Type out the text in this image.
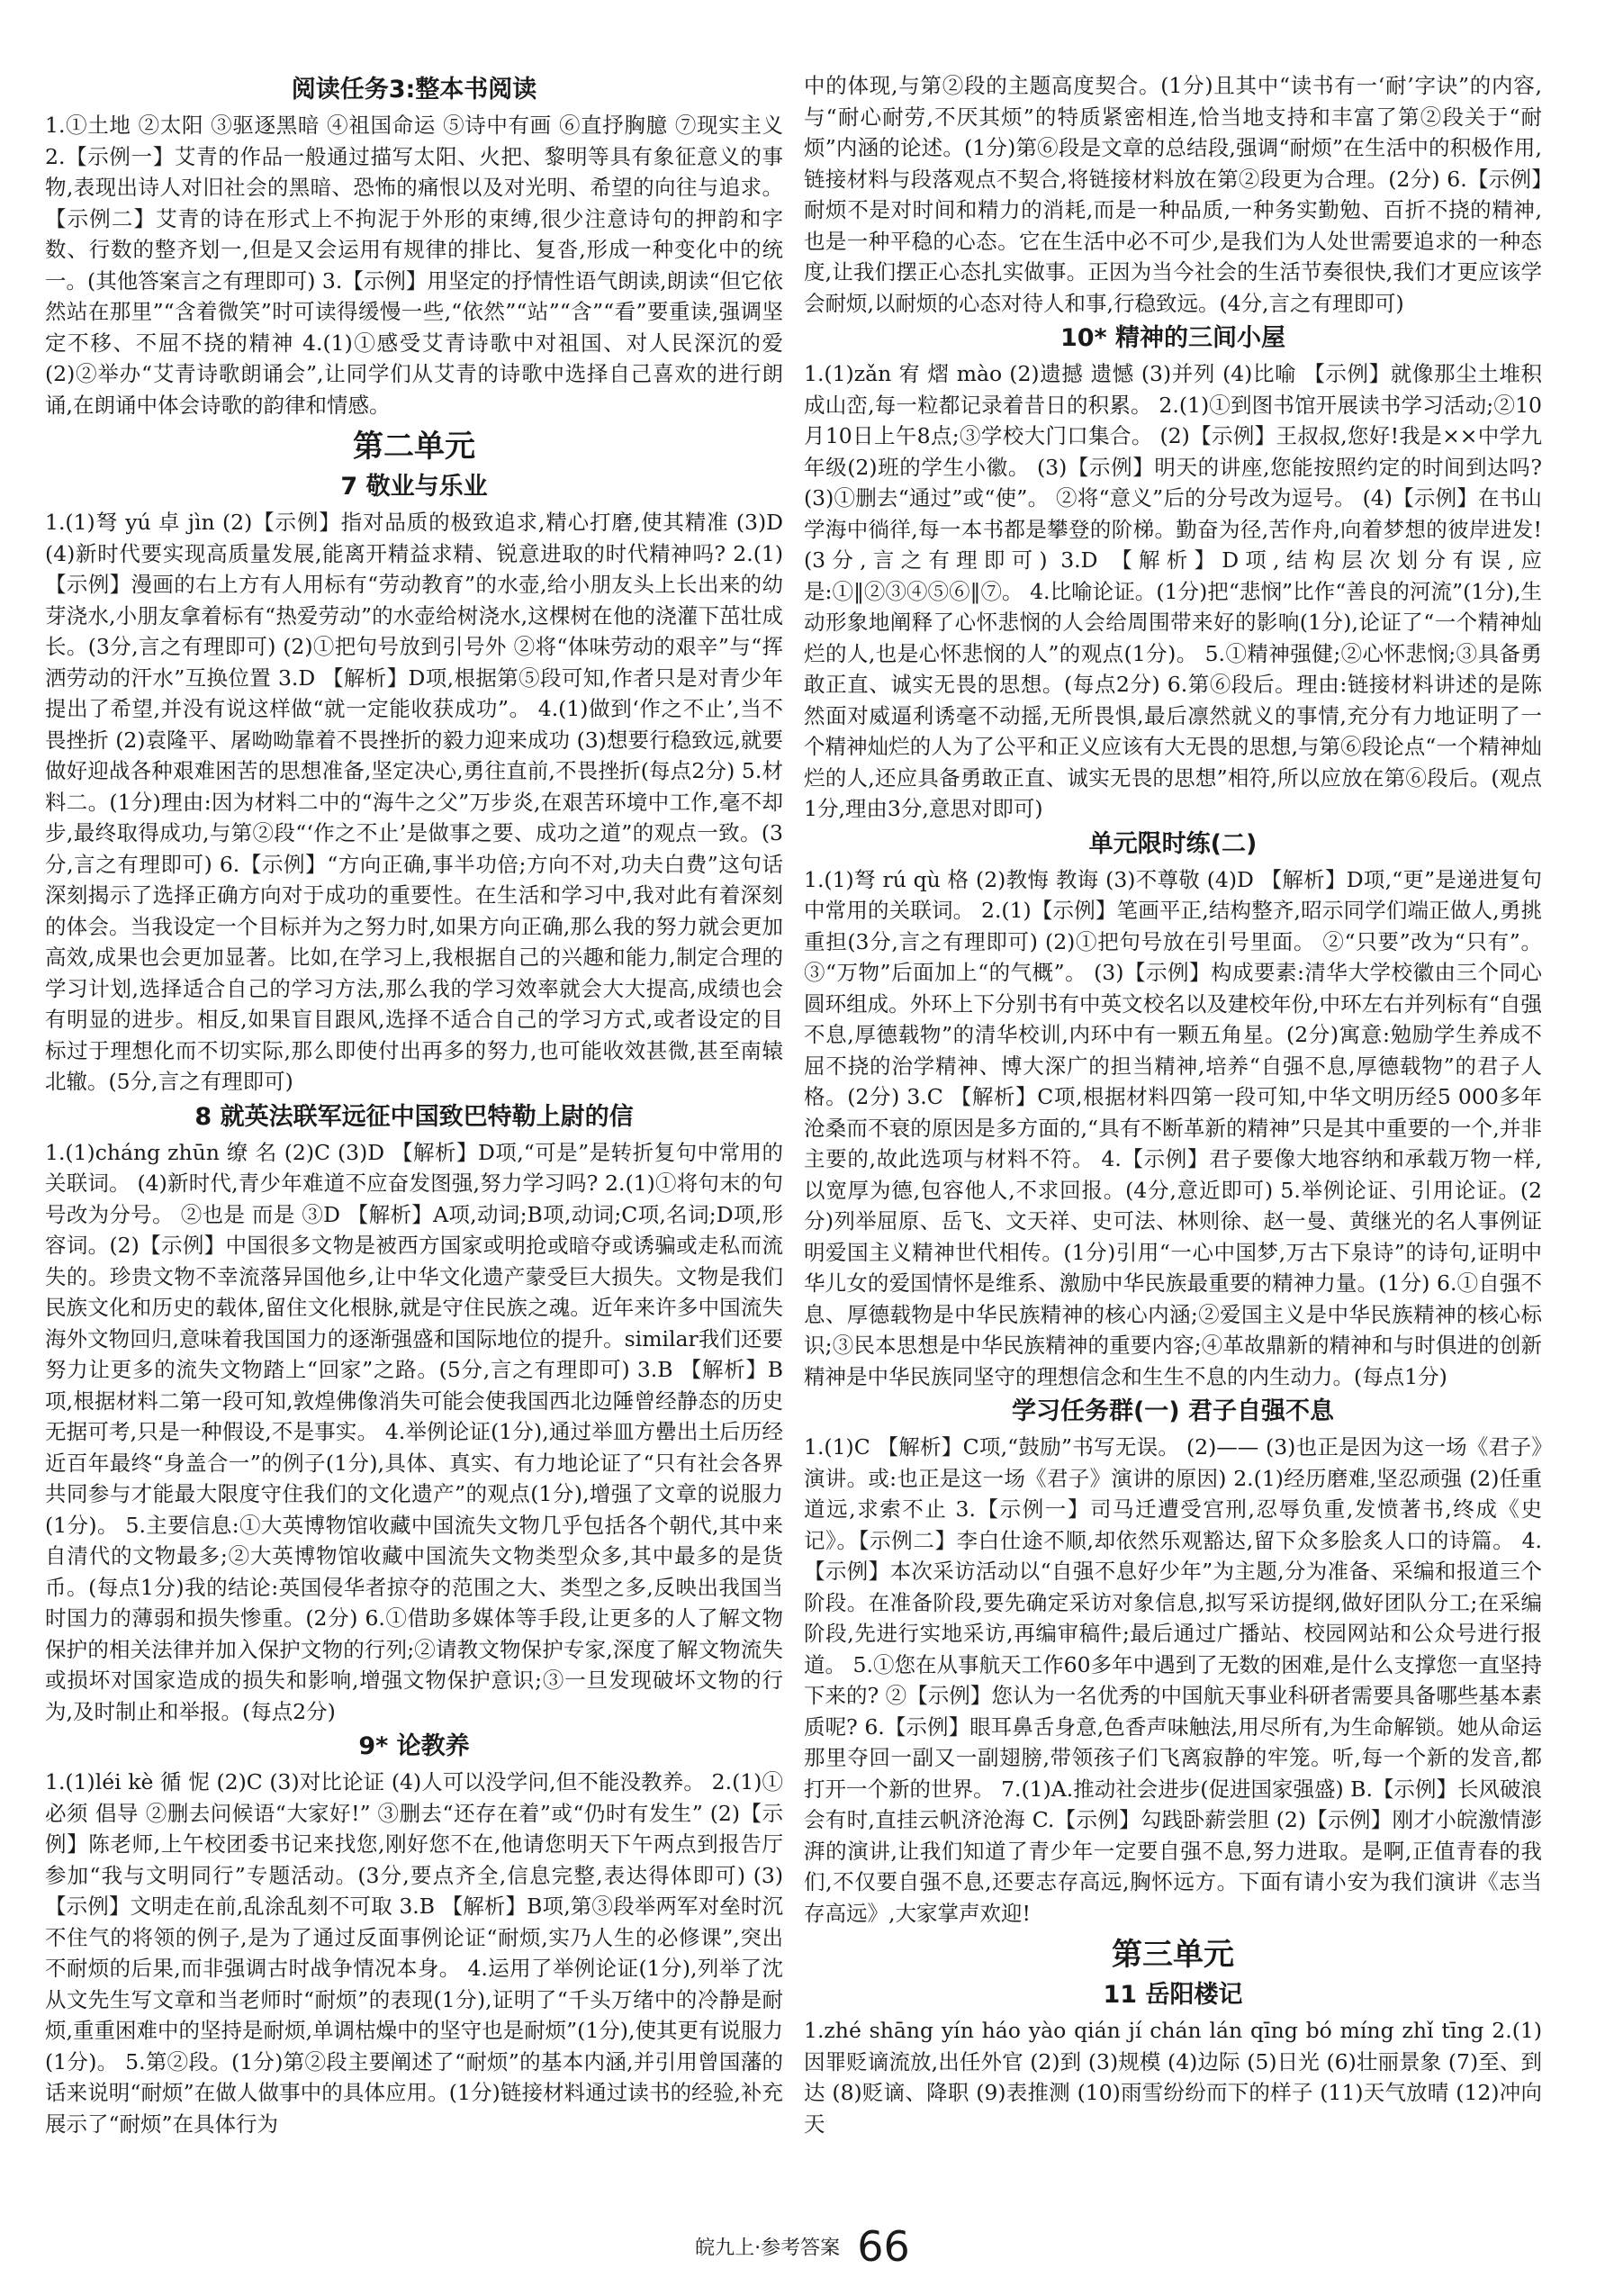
阅读任务3:整本书阅读

1.①土地 ②太阳 ③驱逐黑暗 ④祖国命运 ⑤诗中有画 ⑥直抒胸臆 ⑦现实主义 2.【示例一】艾青的作品一般通过描写太阳、火把、黎明等具有象征意义的事物,表现出诗人对旧社会的黑暗、恐怖的痛恨以及对光明、希望的向往与追求。【示例二】艾青的诗在形式上不拘泥于外形的束缚,很少注意诗句的押韵和字数、行数的整齐划一,但是又会运用有规律的排比、复沓,形成一种变化中的统一。(其他答案言之有理即可) 3.【示例】用坚定的抒情性语气朗读,朗读“但它依然站在那里”“含着微笑”时可读得缓慢一些,“依然”“站”“含”“看”要重读,强调坚定不移、不屈不挠的精神 4.(1)①感受艾青诗歌中对祖国、对人民深沉的爱 (2)②举办“艾青诗歌朗诵会”,让同学们从艾青的诗歌中选择自己喜欢的进行朗诵,在朗诵中体会诗歌的韵律和情感。

第二单元
7 敬业与乐业

1.(1)弩 yú 卓 jìn (2)【示例】指对品质的极致追求,精心打磨,使其精准 (3)D (4)新时代要实现高质量发展,能离开精益求精、锐意进取的时代精神吗? 2.(1)【示例】漫画的右上方有人用标有“劳动教育”的水壶,给小朋友头上长出来的幼芽浇水,小朋友拿着标有“热爱劳动”的水壶给树浇水,这棵树在他的浇灌下茁壮成长。(3分,言之有理即可) (2)①把句号放到引号外 ②将“体味劳动的艰辛”与“挥洒劳动的汗水”互换位置 3.D 【解析】D项,根据第⑤段可知,作者只是对青少年提出了希望,并没有说这样做“就一定能收获成功”。 4.(1)做到‘作之不止’,当不畏挫折 (2)袁隆平、屠呦呦靠着不畏挫折的毅力迎来成功 (3)想要行稳致远,就要做好迎战各种艰难困苦的思想准备,坚定决心,勇往直前,不畏挫折(每点2分) 5.材料二。(1分)理由:因为材料二中的“海牛之父”万步炎,在艰苦环境中工作,毫不却步,最终取得成功,与第②段“‘作之不止’是做事之要、成功之道”的观点一致。(3分,言之有理即可) 6.【示例】“方向正确,事半功倍;方向不对,功夫白费”这句话深刻揭示了选择正确方向对于成功的重要性。在生活和学习中,我对此有着深刻的体会。当我设定一个目标并为之努力时,如果方向正确,那么我的努力就会更加高效,成果也会更加显著。比如,在学习上,我根据自己的兴趣和能力,制定合理的学习计划,选择适合自己的学习方法,那么我的学习效率就会大大提高,成绩也会有明显的进步。相反,如果盲目跟风,选择不适合自己的学习方式,或者设定的目标过于理想化而不切实际,那么即使付出再多的努力,也可能收效甚微,甚至南辕北辙。(5分,言之有理即可)

8 就英法联军远征中国致巴特勒上尉的信

1.(1)cháng zhūn 缭 名 (2)C (3)D 【解析】D项,“可是”是转折复句中常用的关联词。 (4)新时代,青少年难道不应奋发图强,努力学习吗? 2.(1)①将句末的句号改为分号。 ②也是 而是 ③D 【解析】A项,动词;B项,动词;C项,名词;D项,形容词。(2)【示例】中国很多文物是被西方国家或明抢或暗夺或诱骗或走私而流失的。珍贵文物不幸流落异国他乡,让中华文化遗产蒙受巨大损失。文物是我们民族文化和历史的载体,留住文化根脉,就是守住民族之魂。近年来许多中国流失海外文物回归,意味着我国国力的逐渐强盛和国际地位的提升。similar我们还要努力让更多的流失文物踏上“回家”之路。(5分,言之有理即可) 3.B 【解析】B项,根据材料二第一段可知,敦煌佛像消失可能会使我国西北边陲曾经静态的历史无据可考,只是一种假设,不是事实。 4.举例论证(1分),通过举皿方罍出土后历经近百年最终“身盖合一”的例子(1分),具体、真实、有力地论证了“只有社会各界共同参与才能最大限度守住我们的文化遗产”的观点(1分),增强了文章的说服力(1分)。 5.主要信息:①大英博物馆收藏中国流失文物几乎包括各个朝代,其中来自清代的文物最多;②大英博物馆收藏中国流失文物类型众多,其中最多的是货币。(每点1分)我的结论:英国侵华者掠夺的范围之大、类型之多,反映出我国当时国力的薄弱和损失惨重。(2分) 6.①借助多媒体等手段,让更多的人了解文物保护的相关法律并加入保护文物的行列;②请教文物保护专家,深度了解文物流失或损坏对国家造成的损失和影响,增强文物保护意识;③一旦发现破坏文物的行为,及时制止和举报。(每点2分)

9* 论教养

1.(1)léi kè 循 怩 (2)C (3)对比论证 (4)人可以没学问,但不能没教养。 2.(1)①必须 倡导 ②删去问候语“大家好!” ③删去“还存在着”或“仍时有发生” (2)【示例】陈老师,上午校团委书记来找您,刚好您不在,他请您明天下午两点到报告厅参加“我与文明同行”专题活动。(3分,要点齐全,信息完整,表达得体即可) (3)【示例】文明走在前,乱涂乱刻不可取 3.B 【解析】B项,第③段举两军对垒时沉不住气的将领的例子,是为了通过反面事例论证“耐烦,实乃人生的必修课”,突出不耐烦的后果,而非强调古时战争情况本身。 4.运用了举例论证(1分),列举了沈从文先生写文章和当老师时“耐烦”的表现(1分),证明了“千头万绪中的冷静是耐烦,重重困难中的坚持是耐烦,单调枯燥中的坚守也是耐烦”(1分),使其更有说服力(1分)。 5.第②段。(1分)第②段主要阐述了“耐烦”的基本内涵,并引用曾国藩的话来说明“耐烦”在做人做事中的具体应用。(1分)链接材料通过读书的经验,补充展示了“耐烦”在具体行为

中的体现,与第②段的主题高度契合。(1分)且其中“读书有一‘耐’字诀”的内容,与“耐心耐劳,不厌其烦”的特质紧密相连,恰当地支持和丰富了第②段关于“耐烦”内涵的论述。(1分)第⑥段是文章的总结段,强调“耐烦”在生活中的积极作用,链接材料与段落观点不契合,将链接材料放在第②段更为合理。(2分) 6.【示例】耐烦不是对时间和精力的消耗,而是一种品质,一种务实勤勉、百折不挠的精神,也是一种平稳的心态。它在生活中必不可少,是我们为人处世需要追求的一种态度,让我们摆正心态扎实做事。正因为当今社会的生活节奏很快,我们才更应该学会耐烦,以耐烦的心态对待人和事,行稳致远。(4分,言之有理即可)

10* 精神的三间小屋

1.(1)zǎn 宥 熠 mào (2)遗撼 遗憾 (3)并列 (4)比喻 【示例】就像那尘土堆积成山峦,每一粒都记录着昔日的积累。 2.(1)①到图书馆开展读书学习活动;②10月10日上午8点;③学校大门口集合。 (2)【示例】王叔叔,您好!我是××中学九年级(2)班的学生小徽。 (3)【示例】明天的讲座,您能按照约定的时间到达吗? (3)①删去“通过”或“使”。 ②将“意义”后的分号改为逗号。 (4)【示例】在书山学海中徜徉,每一本书都是攀登的阶梯。勤奋为径,苦作舟,向着梦想的彼岸进发!(3分,言之有理即可) 3.D 【解析】D项,结构层次划分有误,应是:①‖②③④⑤⑥‖⑦。 4.比喻论证。(1分)把“悲悯”比作“善良的河流”(1分),生动形象地阐释了心怀悲悯的人会给周围带来好的影响(1分),论证了“一个精神灿烂的人,也是心怀悲悯的人”的观点(1分)。 5.①精神强健;②心怀悲悯;③具备勇敢正直、诚实无畏的思想。(每点2分) 6.第⑥段后。理由:链接材料讲述的是陈然面对威逼利诱毫不动摇,无所畏惧,最后凛然就义的事情,充分有力地证明了一个精神灿烂的人为了公平和正义应该有大无畏的思想,与第⑥段论点“一个精神灿烂的人,还应具备勇敢正直、诚实无畏的思想”相符,所以应放在第⑥段后。(观点1分,理由3分,意思对即可)

单元限时练(二)

1.(1)弩 rú qù 格 (2)教悔 教诲 (3)不尊敬 (4)D 【解析】D项,“更”是递进复句中常用的关联词。 2.(1)【示例】笔画平正,结构整齐,昭示同学们端正做人,勇挑重担(3分,言之有理即可) (2)①把句号放在引号里面。 ②“只要”改为“只有”。 ③“万物”后面加上“的气概”。 (3)【示例】构成要素:清华大学校徽由三个同心圆环组成。外环上下分别书有中英文校名以及建校年份,中环左右并列标有“自强不息,厚德载物”的清华校训,内环中有一颗五角星。(2分)寓意:勉励学生养成不屈不挠的治学精神、博大深广的担当精神,培养“自强不息,厚德载物”的君子人格。(2分) 3.C 【解析】C项,根据材料四第一段可知,中华文明历经5 000多年沧桑而不衰的原因是多方面的,“具有不断革新的精神”只是其中重要的一个,并非主要的,故此选项与材料不符。 4.【示例】君子要像大地容纳和承载万物一样,以宽厚为德,包容他人,不求回报。(4分,意近即可) 5.举例论证、引用论证。(2分)列举屈原、岳飞、文天祥、史可法、林则徐、赵一曼、黄继光的名人事例证明爱国主义精神世代相传。(1分)引用“一心中国梦,万古下泉诗”的诗句,证明中华儿女的爱国情怀是维系、激励中华民族最重要的精神力量。(1分) 6.①自强不息、厚德载物是中华民族精神的核心内涵;②爱国主义是中华民族精神的核心标识;③民本思想是中华民族精神的重要内容;④革故鼎新的精神和与时俱进的创新精神是中华民族同坚守的理想信念和生生不息的内生动力。(每点1分)

学习任务群(一) 君子自强不息

1.(1)C 【解析】C项,“鼓励”书写无误。 (2)—— (3)也正是因为这一场《君子》演讲。或:也正是这一场《君子》演讲的原因) 2.(1)经历磨难,坚忍顽强 (2)任重道远,求索不止 3.【示例一】司马迁遭受宫刑,忍辱负重,发愤著书,终成《史记》。【示例二】李白仕途不顺,却依然乐观豁达,留下众多脍炙人口的诗篇。 4.【示例】本次采访活动以“自强不息好少年”为主题,分为准备、采编和报道三个阶段。在准备阶段,要先确定采访对象信息,拟写采访提纲,做好团队分工;在采编阶段,先进行实地采访,再编审稿件;最后通过广播站、校园网站和公众号进行报道。 5.①您在从事航天工作60多年中遇到了无数的困难,是什么支撑您一直坚持下来的? ②【示例】您认为一名优秀的中国航天事业科研者需要具备哪些基本素质呢? 6.【示例】眼耳鼻舌身意,色香声味触法,用尽所有,为生命解锁。她从命运那里夺回一副又一副翅膀,带领孩子们飞离寂静的牢笼。听,每一个新的发音,都打开一个新的世界。 7.(1)A.推动社会进步(促进国家强盛) B.【示例】长风破浪会有时,直挂云帆济沧海 C.【示例】勾践卧薪尝胆 (2)【示例】刚才小皖激情澎湃的演讲,让我们知道了青少年一定要自强不息,努力进取。是啊,正值青春的我们,不仅要自强不息,还要志存高远,胸怀远方。下面有请小安为我们演讲《志当存高远》,大家掌声欢迎!

第三单元
11 岳阳楼记

1.zhé shāng yín háo yào qián jí chán lán qīng bó míng zhǐ tīng 2.(1)因罪贬谪流放,出任外官 (2)到 (3)规模 (4)边际 (5)日光 (6)壮丽景象 (7)至、到达 (8)贬谪、降职 (9)表推测 (10)雨雪纷纷而下的样子 (11)天气放晴 (12)冲向天

皖九上·参考答案 66
